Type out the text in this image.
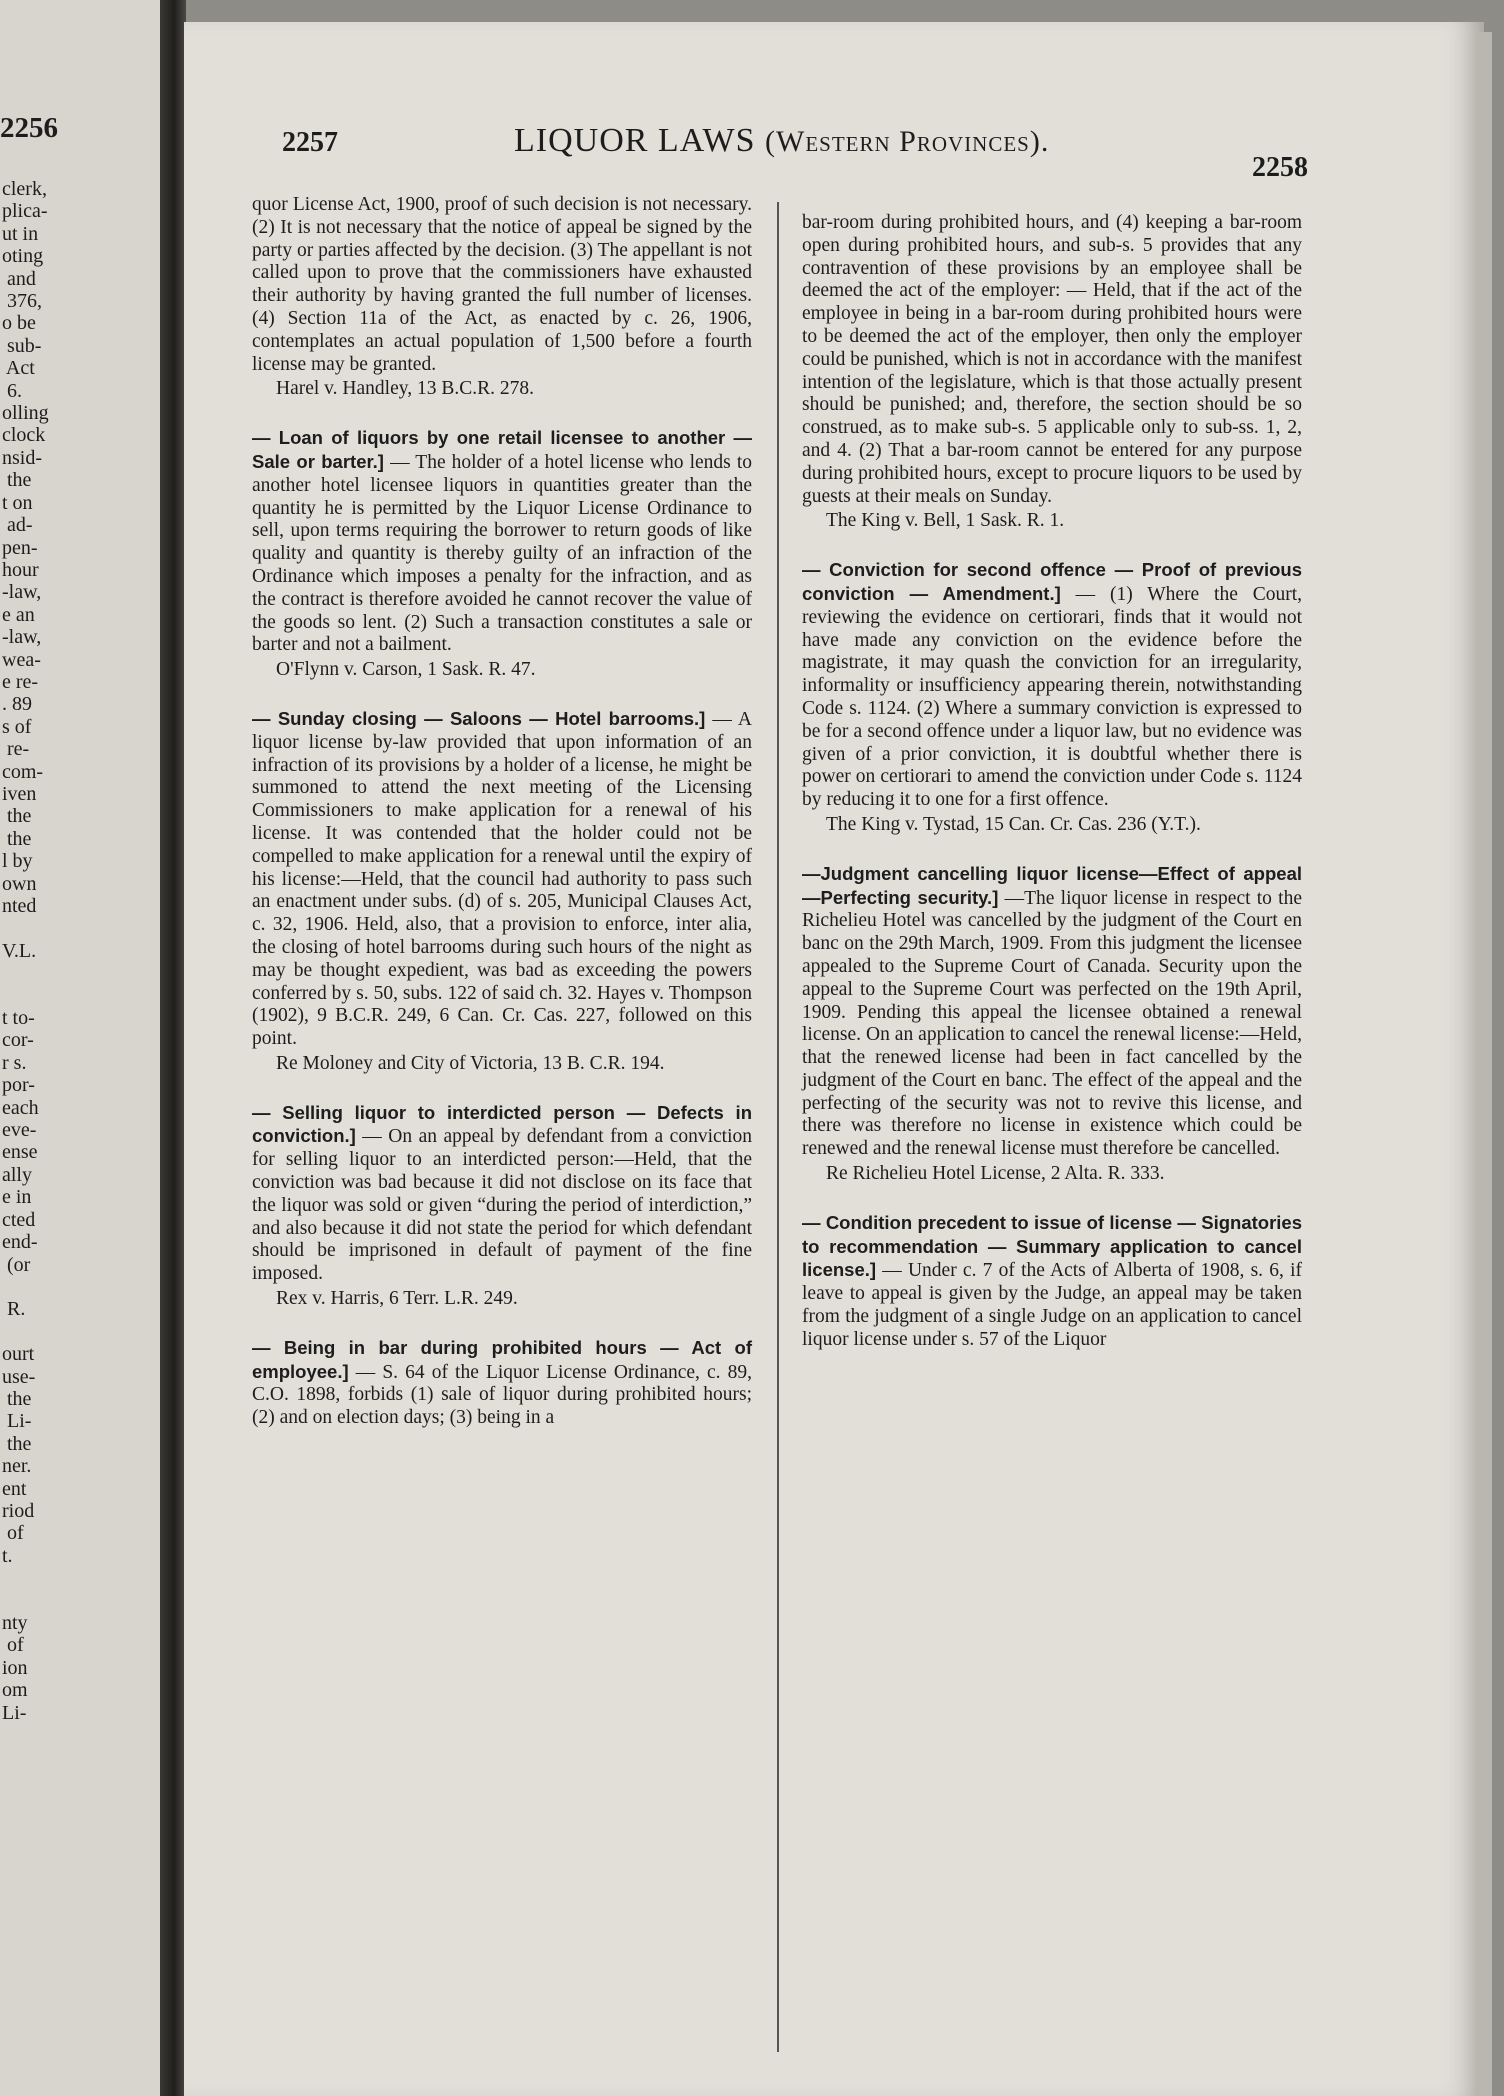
2256
clerk,
plica-
ut in
oting
and
376,
o be
sub-
Act
6.
olling
clock
nsid-
the
t on
ad-
pen-
hour
-law,
e an
-law,
wea-
e re-
. 89
s of
re-
com-
iven
the
the
l by
own
nted

V.L.

t to-
cor-
r s.
por-
each
eve-
ense
ally
e in
cted
end-
(or

R.

ourt
use-
the
Li-
the
ner.
ent
riod
of
t.

nty
of
ion
om
Li-
2257	LIQUOR LAWS (Western Provinces).
2258

quor License Act, 1900, proof of such decision is not necessary. (2) It is not necessary that the notice of appeal be signed by the party or parties affected by the decision. (3) The appellant is not called upon to prove that the commissioners have exhausted their authority by having granted the full number of licenses. (4) Section 11a of the Act, as enacted by c. 26, 1906, contemplates an actual population of 1,500 before a fourth license may be granted.

Harel v. Handley, 13 B.C.R. 278.

— Loan of liquors by one retail licensee to another — Sale or barter.] — The holder of a hotel license who lends to another hotel licensee liquors in quantities greater than the quantity he is permitted by the Liquor License Ordinance to sell, upon terms requiring the borrower to return goods of like quality and quantity is thereby guilty of an infraction of the Ordinance which imposes a penalty for the infraction, and as the contract is therefore avoided he cannot recover the value of the goods so lent. (2) Such a transaction constitutes a sale or barter and not a bailment.

O'Flynn v. Carson, 1 Sask. R. 47.

— Sunday closing — Saloons — Hotel barrooms.] — A liquor license by-law provided that upon information of an infraction of its provisions by a holder of a license, he might be summoned to attend the next meeting of the Licensing Commissioners to make application for a renewal of his license. It was contended that the holder could not be compelled to make application for a renewal until the expiry of his license:—Held, that the council had authority to pass such an enactment under subs. (d) of s. 205, Municipal Clauses Act, c. 32, 1906. Held, also, that a provision to enforce, inter alia, the closing of hotel barrooms during such hours of the night as may be thought expedient, was bad as exceeding the powers conferred by s. 50, subs. 122 of said ch. 32. Hayes v. Thompson (1902), 9 B.C.R. 249, 6 Can. Cr. Cas. 227, followed on this point.

Re Moloney and City of Victoria, 13 B. C.R. 194.

— Selling liquor to interdicted person — Defects in conviction.] — On an appeal by defendant from a conviction for selling liquor to an interdicted person:—Held, that the conviction was bad because it did not disclose on its face that the liquor was sold or given “during the period of interdiction,” and also because it did not state the period for which defendant should be imprisoned in default of payment of the fine imposed.

Rex v. Harris, 6 Terr. L.R. 249.

— Being in bar during prohibited hours — Act of employee.] — S. 64 of the Liquor License Ordinance, c. 89, C.O. 1898, forbids (1) sale of liquor during prohibited hours; (2) and on election days; (3) being in a

bar-room during prohibited hours, and (4) keeping a bar-room open during prohibited hours, and sub-s. 5 provides that any contravention of these provisions by an employee shall be deemed the act of the employer: — Held, that if the act of the employee in being in a bar-room during prohibited hours were to be deemed the act of the employer, then only the employer could be punished, which is not in accordance with the manifest intention of the legislature, which is that those actually present should be punished; and, therefore, the section should be so construed, as to make sub-s. 5 applicable only to sub-ss. 1, 2, and 4. (2) That a bar-room cannot be entered for any purpose during prohibited hours, except to procure liquors to be used by guests at their meals on Sunday.

The King v. Bell, 1 Sask. R. 1.

— Conviction for second offence — Proof of previous conviction — Amendment.] — (1) Where the Court, reviewing the evidence on certiorari, finds that it would not have made any conviction on the evidence before the magistrate, it may quash the conviction for an irregularity, informality or insufficiency appearing therein, notwithstanding Code s. 1124. (2) Where a summary conviction is expressed to be for a second offence under a liquor law, but no evidence was given of a prior conviction, it is doubtful whether there is power on certiorari to amend the conviction under Code s. 1124 by reducing it to one for a first offence.

The King v. Tystad, 15 Can. Cr. Cas. 236 (Y.T.).

—Judgment cancelling liquor license—Effect of appeal—Perfecting security.] —The liquor license in respect to the Richelieu Hotel was cancelled by the judgment of the Court en banc on the 29th March, 1909. From this judgment the licensee appealed to the Supreme Court of Canada. Security upon the appeal to the Supreme Court was perfected on the 19th April, 1909. Pending this appeal the licensee obtained a renewal license. On an application to cancel the renewal license:—Held, that the renewed license had been in fact cancelled by the judgment of the Court en banc. The effect of the appeal and the perfecting of the security was not to revive this license, and there was therefore no license in existence which could be renewed and the renewal license must therefore be cancelled.

Re Richelieu Hotel License, 2 Alta. R. 333.

— Condition precedent to issue of license — Signatories to recommendation — Summary application to cancel license.] — Under c. 7 of the Acts of Alberta of 1908, s. 6, if leave to appeal is given by the Judge, an appeal may be taken from the judgment of a single Judge on an application to cancel liquor license under s. 57 of the Liquor
